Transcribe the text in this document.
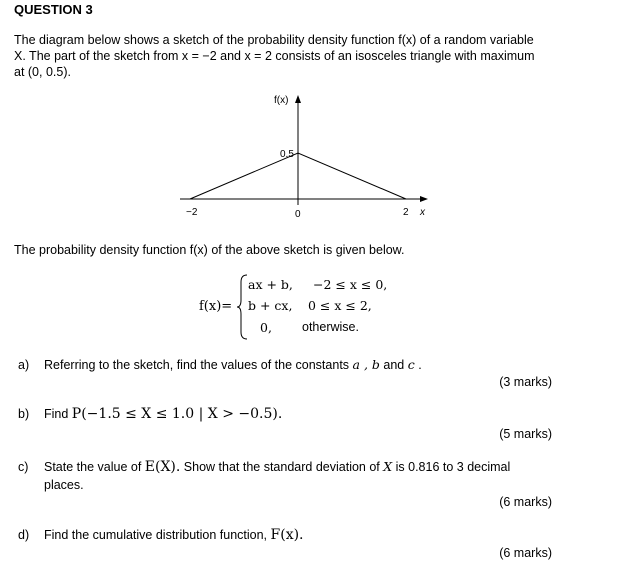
QUESTION 3
The diagram below shows a sketch of the probability density function f(x) of a random variable
X. The part of the sketch from x = −2 and x = 2 consists of an isosceles triangle with maximum
at (0, 0.5).
f(x)
x
0.5
−2	0	2
The probability density function f(x) of the above sketch is given below.
f(x)=
ax + b, −2 ≤ x ≤ 0,
b + cx, 0 ≤ x ≤ 2,
0, otherwise.
a) Referring to the sketch, find the values of the constants a , b and c .
(3 marks)
b) Find P(−1.5 ≤ X ≤ 1.0 | X > −0.5).
(5 marks)
c) State the value of E(X). Show that the standard deviation of X is 0.816 to 3 decimal
places.
(6 marks)
d) Find the cumulative distribution function, F(x).
(6 marks)
